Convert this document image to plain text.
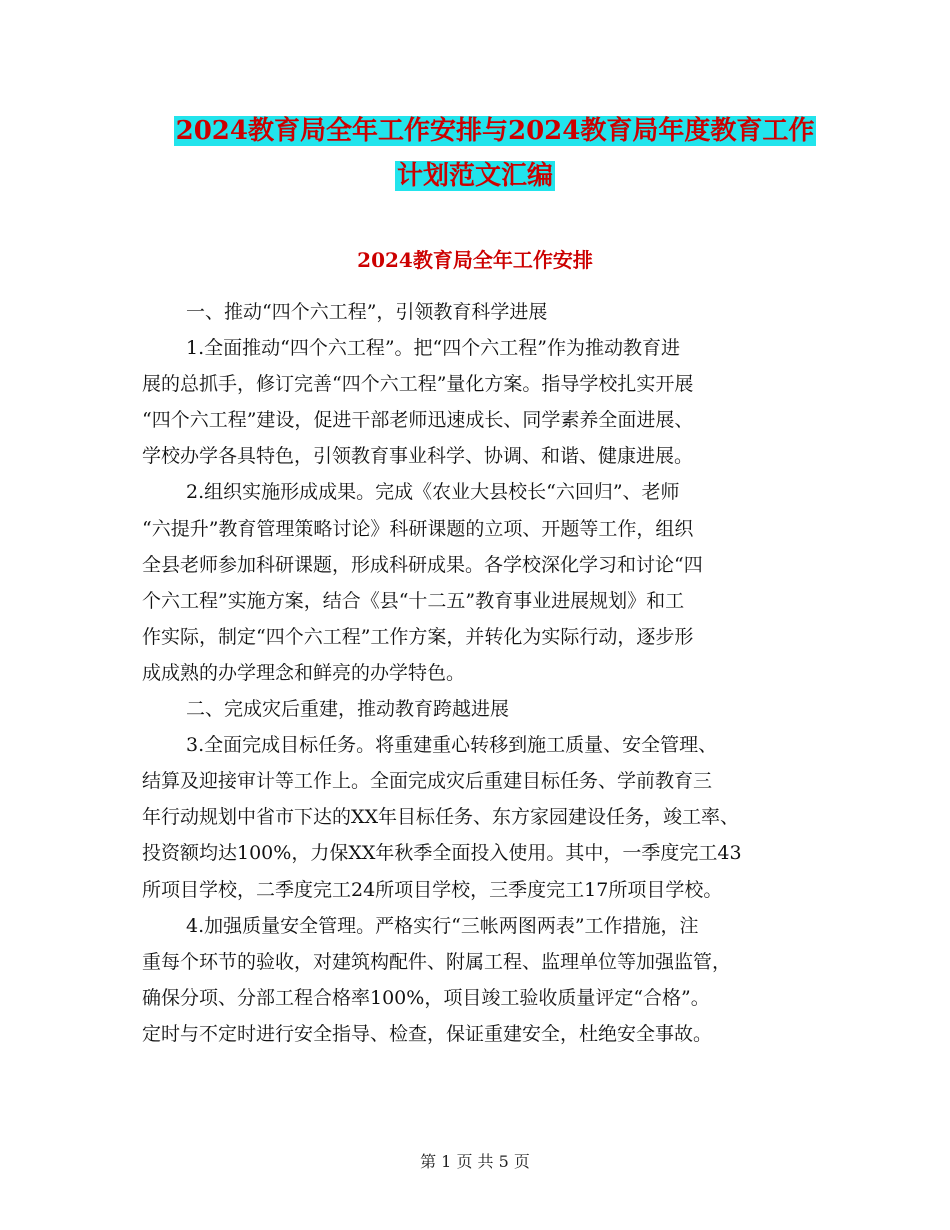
2024教育局全年工作安排与2024教育局年度教育工作
计划范文汇编
2024教育局全年工作安排
一、推动“四个六工程”，引领教育科学进展
1.全面推动“四个六工程”。把“四个六工程”作为推动教育进
展的总抓手，修订完善“四个六工程”量化方案。指导学校扎实开展
“四个六工程”建设，促进干部老师迅速成长、同学素养全面进展、
学校办学各具特色，引领教育事业科学、协调、和谐、健康进展。
2.组织实施形成成果。完成《农业大县校长“六回归”、老师
“六提升”教育管理策略讨论》科研课题的立项、开题等工作，组织
全县老师参加科研课题，形成科研成果。各学校深化学习和讨论“四
个六工程”实施方案，结合《县“十二五”教育事业进展规划》和工
作实际，制定“四个六工程”工作方案，并转化为实际行动，逐步形
成成熟的办学理念和鲜亮的办学特色。
二、完成灾后重建，推动教育跨越进展
3.全面完成目标任务。将重建重心转移到施工质量、安全管理、
结算及迎接审计等工作上。全面完成灾后重建目标任务、学前教育三
年行动规划中省市下达的XX年目标任务、东方家园建设任务，竣工率、
投资额均达100%，力保XX年秋季全面投入使用。其中，一季度完工43
所项目学校，二季度完工24所项目学校，三季度完工17所项目学校。
4.加强质量安全管理。严格实行“三帐两图两表”工作措施，注
重每个环节的验收，对建筑构配件、附属工程、监理单位等加强监管，
确保分项、分部工程合格率100%，项目竣工验收质量评定“合格”。
定时与不定时进行安全指导、检查，保证重建安全，杜绝安全事故。
第 1 页 共 5 页
